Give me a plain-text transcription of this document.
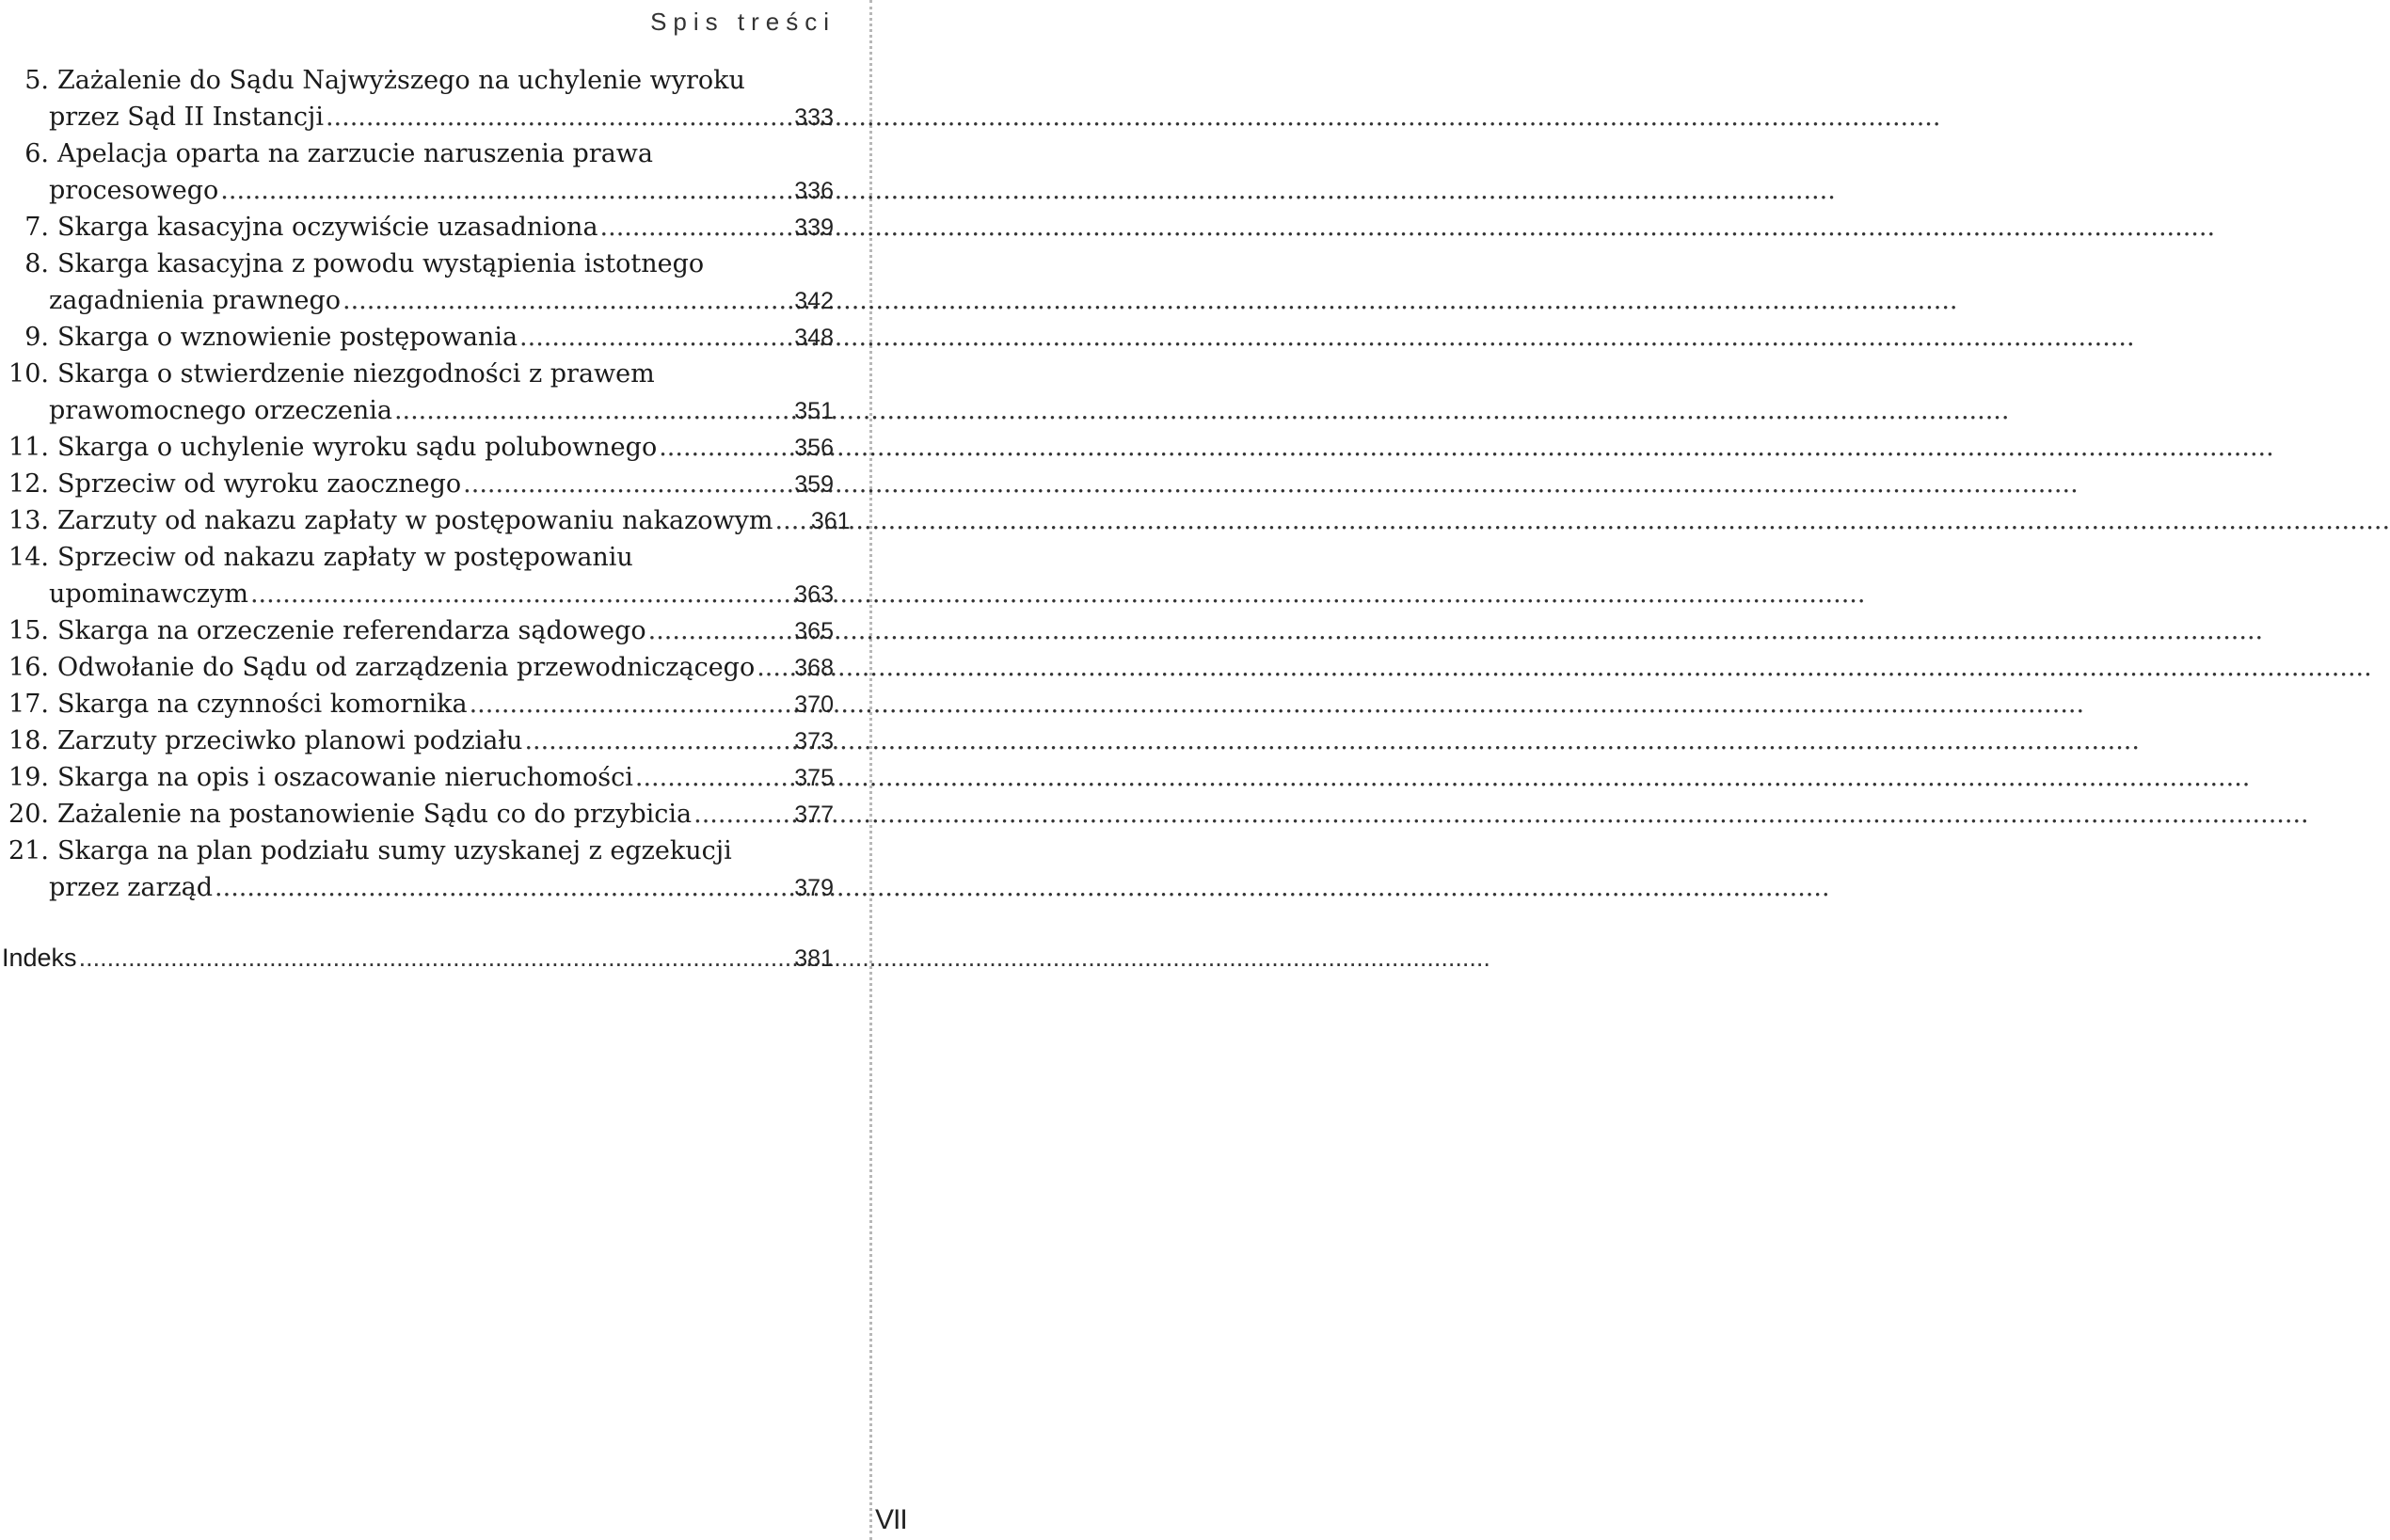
Spis treści
5. Zażalenie do Sądu Najwyższego na uchylenie wyroku
przez Sąd II Instancji .....	333
6. Apelacja oparta na zarzucie naruszenia prawa
procesowego .....	336
7. Skarga kasacyjna oczywiście uzasadniona .....	339
8. Skarga kasacyjna z powodu wystąpienia istotnego
zagadnienia prawnego .....	342
9. Skarga o wznowienie postępowania .....	348
10. Skarga o stwierdzenie niezgodności z prawem
prawomocnego orzeczenia .....	351
11. Skarga o uchylenie wyroku sądu polubownego .....	356
12. Sprzeciw od wyroku zaocznego .....	359
13. Zarzuty od nakazu zapłaty w postępowaniu nakazowym .....	361
14. Sprzeciw od nakazu zapłaty w postępowaniu
upominawczym .....	363
15. Skarga na orzeczenie referendarza sądowego .....	365
16. Odwołanie do Sądu od zarządzenia przewodniczącego .....	368
17. Skarga na czynności komornika .....	370
18. Zarzuty przeciwko planowi podziału .....	373
19. Skarga na opis i oszacowanie nieruchomości .....	375
20. Zażalenie na postanowienie Sądu co do przybicia .....	377
21. Skarga na plan podziału sumy uzyskanej z egzekucji
przez zarząd .....	379
Indeks .....	381
VII
